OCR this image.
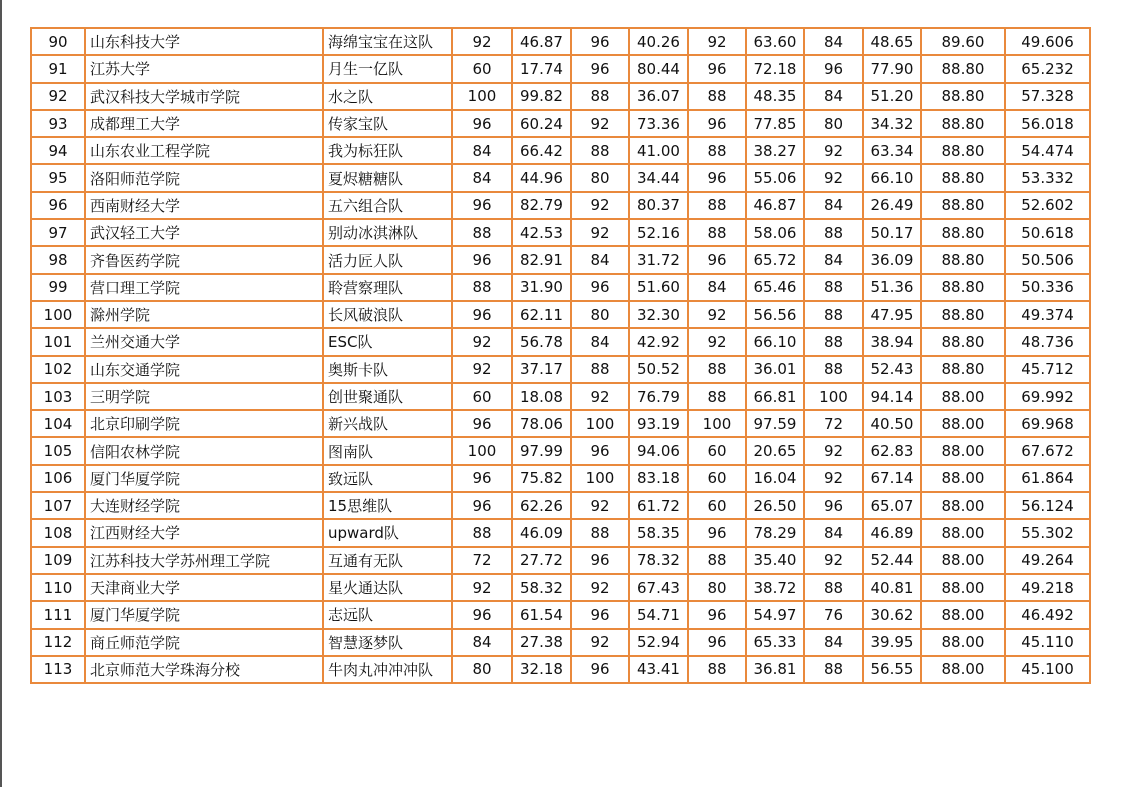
90	山东科技大学	海绵宝宝在这队	92	46.87	96	40.26	92	63.60	84	48.65	89.60	49.606
91	江苏大学	月生一亿队	60	17.74	96	80.44	96	72.18	96	77.90	88.80	65.232
92	武汉科技大学城市学院	水之队	100	99.82	88	36.07	88	48.35	84	51.20	88.80	57.328
93	成都理工大学	传家宝队	96	60.24	92	73.36	96	77.85	80	34.32	88.80	56.018
94	山东农业工程学院	我为标狂队	84	66.42	88	41.00	88	38.27	92	63.34	88.80	54.474
95	洛阳师范学院	夏烬糖糖队	84	44.96	80	34.44	96	55.06	92	66.10	88.80	53.332
96	西南财经大学	五六组合队	96	82.79	92	80.37	88	46.87	84	26.49	88.80	52.602
97	武汉轻工大学	别动冰淇淋队	88	42.53	92	52.16	88	58.06	88	50.17	88.80	50.618
98	齐鲁医药学院	活力匠人队	96	82.91	84	31.72	96	65.72	84	36.09	88.80	50.506
99	营口理工学院	聆营察理队	88	31.90	96	51.60	84	65.46	88	51.36	88.80	50.336
100	滁州学院	长风破浪队	96	62.11	80	32.30	92	56.56	88	47.95	88.80	49.374
101	兰州交通大学	ESC队	92	56.78	84	42.92	92	66.10	88	38.94	88.80	48.736
102	山东交通学院	奥斯卡队	92	37.17	88	50.52	88	36.01	88	52.43	88.80	45.712
103	三明学院	创世聚通队	60	18.08	92	76.79	88	66.81	100	94.14	88.00	69.992
104	北京印刷学院	新兴战队	96	78.06	100	93.19	100	97.59	72	40.50	88.00	69.968
105	信阳农林学院	图南队	100	97.99	96	94.06	60	20.65	92	62.83	88.00	67.672
106	厦门华厦学院	致远队	96	75.82	100	83.18	60	16.04	92	67.14	88.00	61.864
107	大连财经学院	15思维队	96	62.26	92	61.72	60	26.50	96	65.07	88.00	56.124
108	江西财经大学	upward队	88	46.09	88	58.35	96	78.29	84	46.89	88.00	55.302
109	江苏科技大学苏州理工学院	互通有无队	72	27.72	96	78.32	88	35.40	92	52.44	88.00	49.264
110	天津商业大学	星火通达队	92	58.32	92	67.43	80	38.72	88	40.81	88.00	49.218
111	厦门华厦学院	志远队	96	61.54	96	54.71	96	54.97	76	30.62	88.00	46.492
112	商丘师范学院	智慧逐梦队	84	27.38	92	52.94	96	65.33	84	39.95	88.00	45.110
113	北京师范大学珠海分校	牛肉丸冲冲冲队	80	32.18	96	43.41	88	36.81	88	56.55	88.00	45.100
